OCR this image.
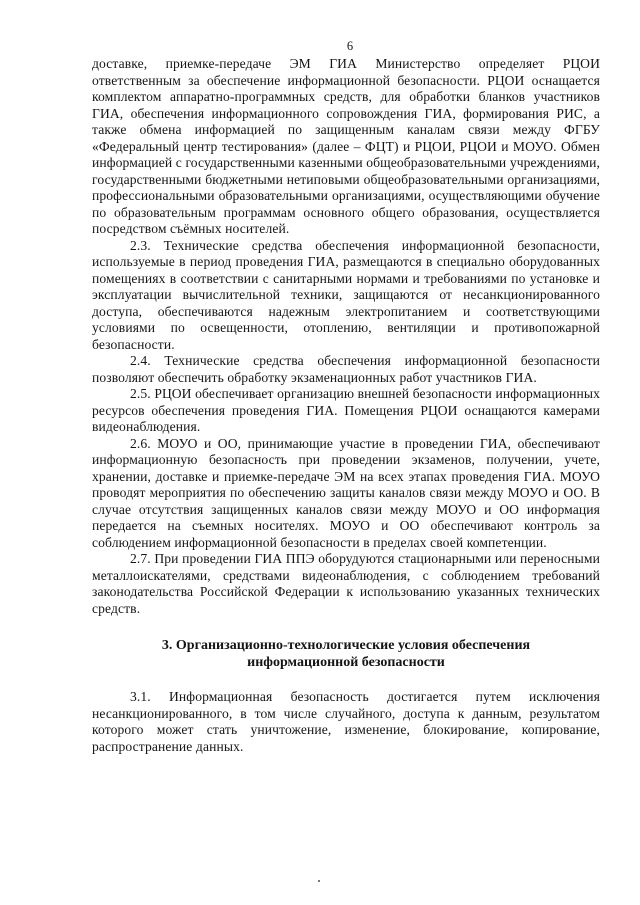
6

доставке, приемке-передаче ЭМ ГИА Министерство определяет РЦОИ ответственным за обеспечение информационной безопасности. РЦОИ оснащается комплектом аппаратно-программных средств, для обработки бланков участников ГИА, обеспечения информационного сопровождения ГИА, формирования РИС, а также обмена информацией по защищенным каналам связи между ФГБУ «Федеральный центр тестирования» (далее – ФЦТ) и РЦОИ, РЦОИ и МОУО. Обмен информацией с государственными казенными общеобразовательными учреждениями, государственными бюджетными нетиповыми общеобразовательными организациями, профессиональными образовательными организациями, осуществляющими обучение по образовательным программам основного общего образования, осуществляется посредством съёмных носителей.

2.3. Технические средства обеспечения информационной безопасности, используемые в период проведения ГИА, размещаются в специально оборудованных помещениях в соответствии с санитарными нормами и требованиями по установке и эксплуатации вычислительной техники, защищаются от несанкционированного доступа, обеспечиваются надежным электропитанием и соответствующими условиями по освещенности, отоплению, вентиляции и противопожарной безопасности.

2.4. Технические средства обеспечения информационной безопасности позволяют обеспечить обработку экзаменационных работ участников ГИА.

2.5. РЦОИ обеспечивает организацию внешней безопасности информационных ресурсов обеспечения проведения ГИА. Помещения РЦОИ оснащаются камерами видеонаблюдения.

2.6. МОУО и ОО, принимающие участие в проведении ГИА, обеспечивают информационную безопасность при проведении экзаменов, получении, учете, хранении, доставке и приемке-передаче ЭМ на всех этапах проведения ГИА. МОУО проводят мероприятия по обеспечению защиты каналов связи между МОУО и ОО. В случае отсутствия защищенных каналов связи между МОУО и ОО информация передается на съемных носителях. МОУО и ОО обеспечивают контроль за соблюдением информационной безопасности в пределах своей компетенции.

2.7. При проведении ГИА ППЭ оборудуются стационарными или переносными металлоискателями, средствами видеонаблюдения, с соблюдением требований законодательства Российской Федерации к использованию указанных технических средств.

3. Организационно-технологические условия обеспечения
информационной безопасности

3.1. Информационная безопасность достигается путем исключения несанкционированного, в том числе случайного, доступа к данным, результатом которого может стать уничтожение, изменение, блокирование, копирование, распространение данных.
